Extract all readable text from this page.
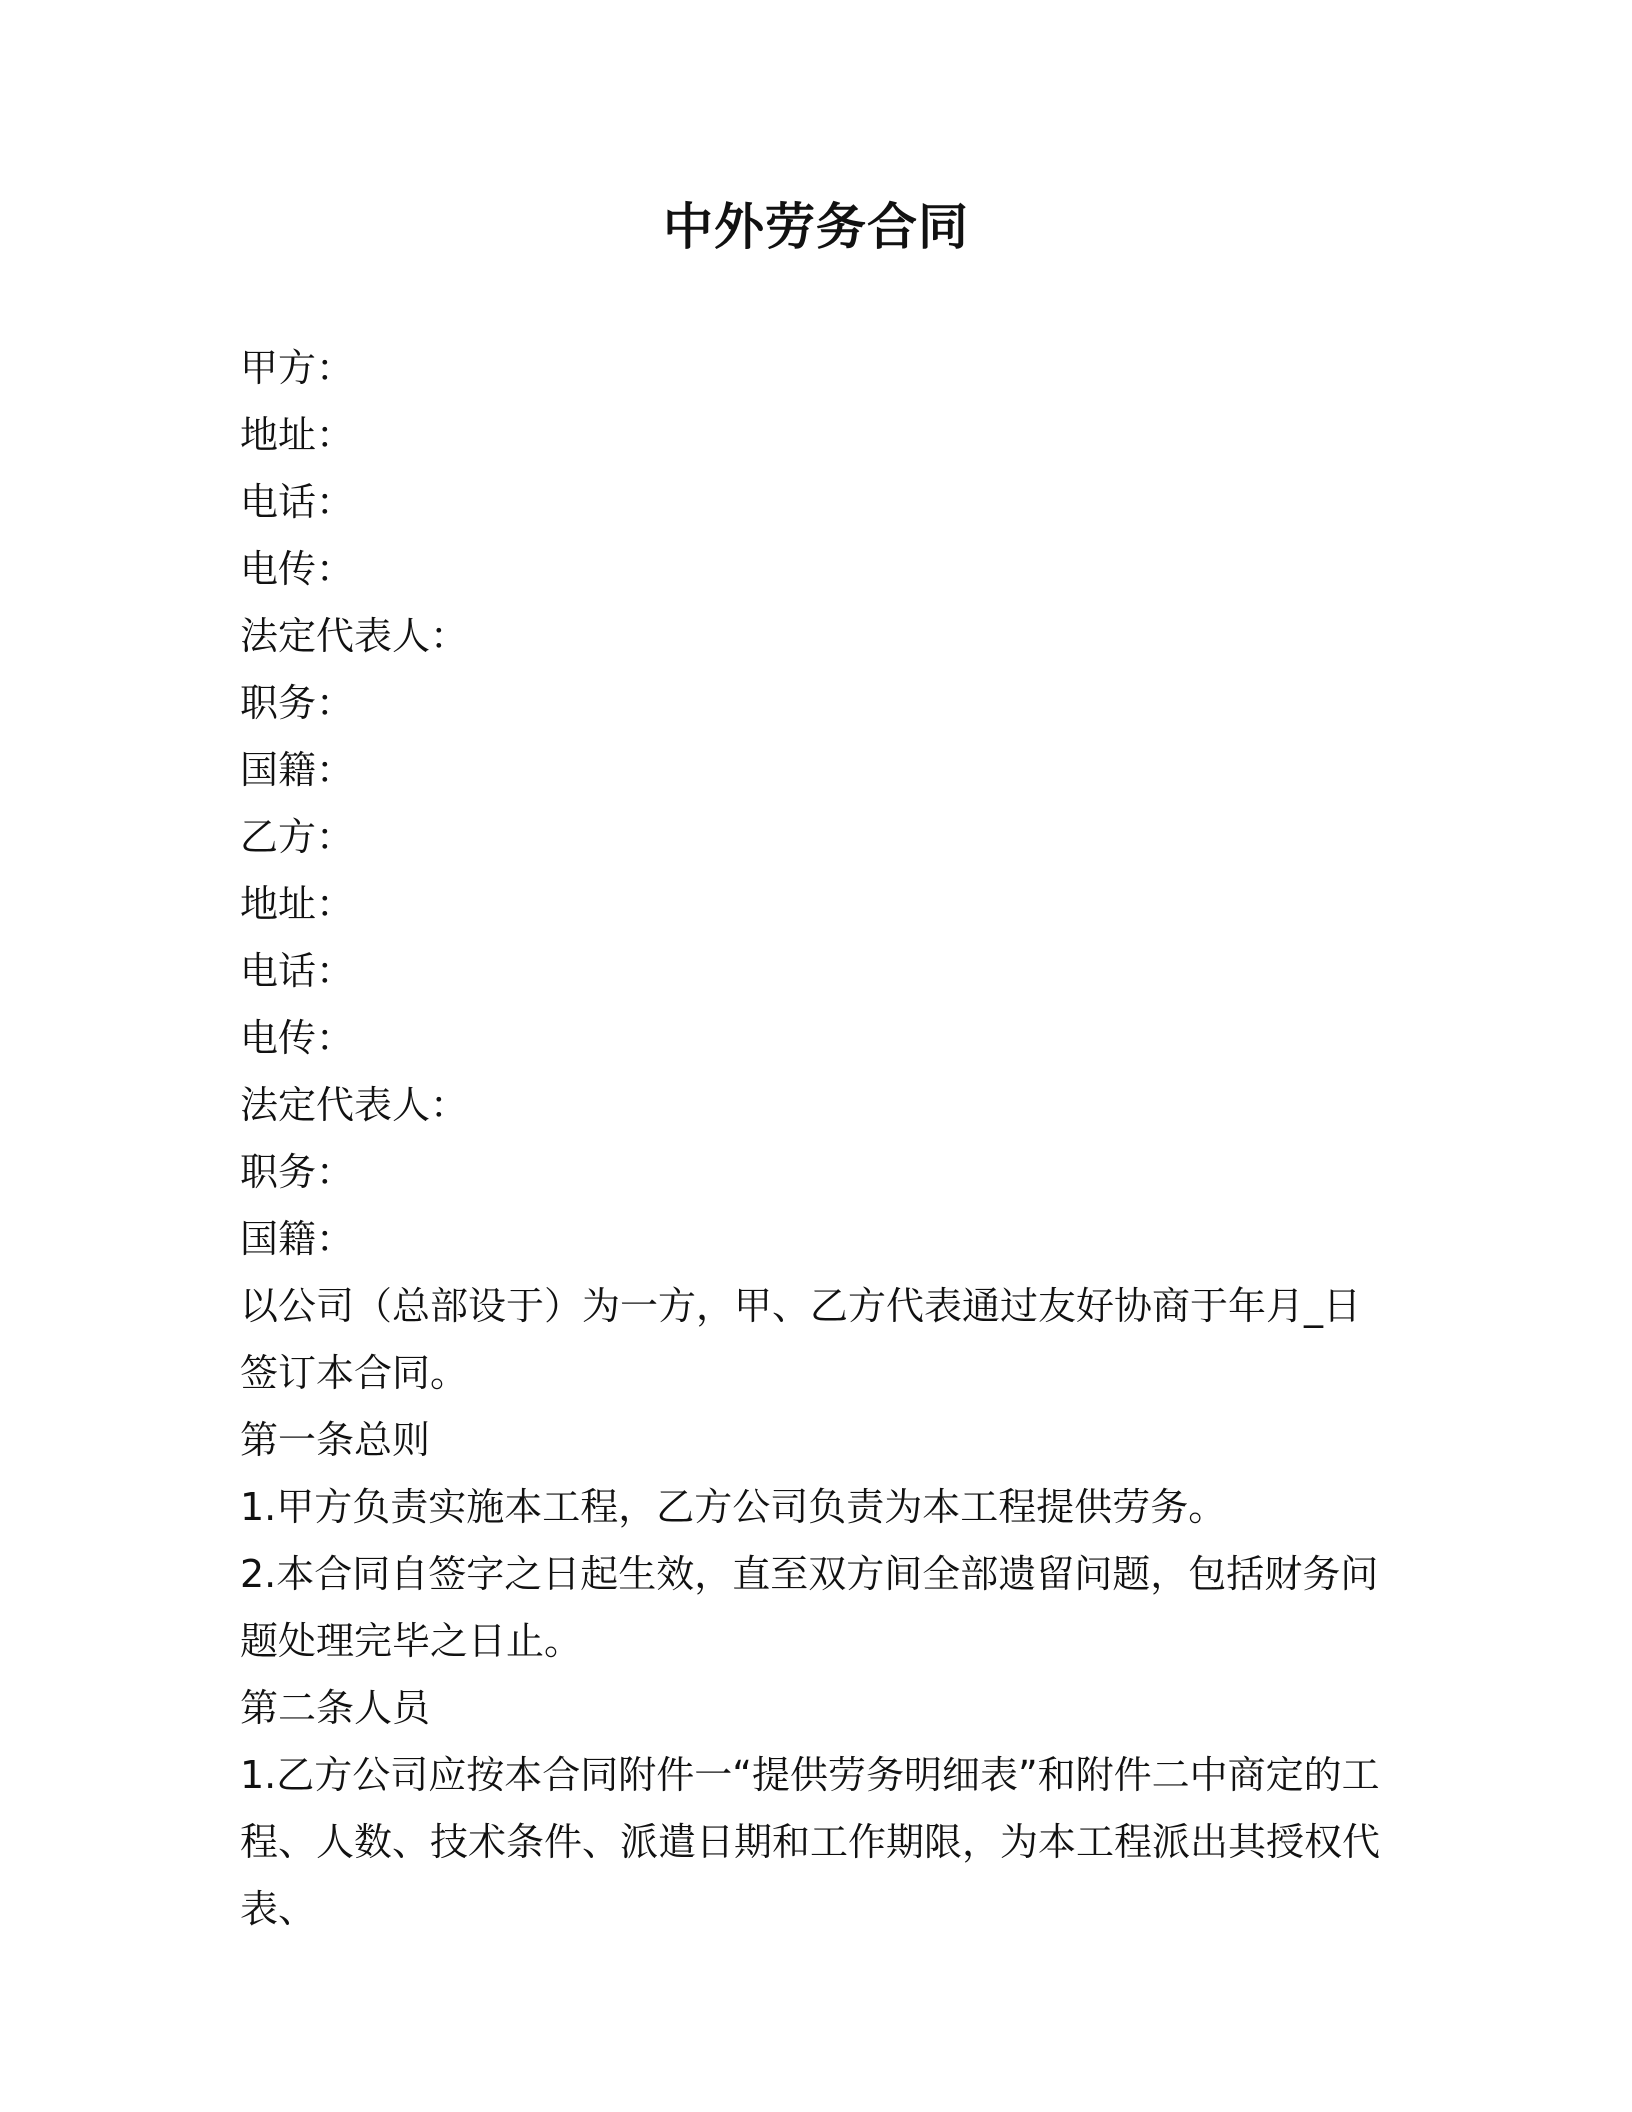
中外劳务合同
甲方：
地址：
电话：
电传：
法定代表人：
职务：
国籍：
乙方：
地址：
电话：
电传：
法定代表人：
职务：
国籍：
以公司（总部设于）为一方，甲、乙方代表通过友好协商于年月_日签订本合同。
第一条总则
1.甲方负责实施本工程，乙方公司负责为本工程提供劳务。
2.本合同自签字之日起生效，直至双方间全部遗留问题，包括财务问题处理完毕之日止。
第二条人员
1.乙方公司应按本合同附件一“提供劳务明细表”和附件二中商定的工程、人数、技术条件、派遣日期和工作期限，为本工程派出其授权代表、
